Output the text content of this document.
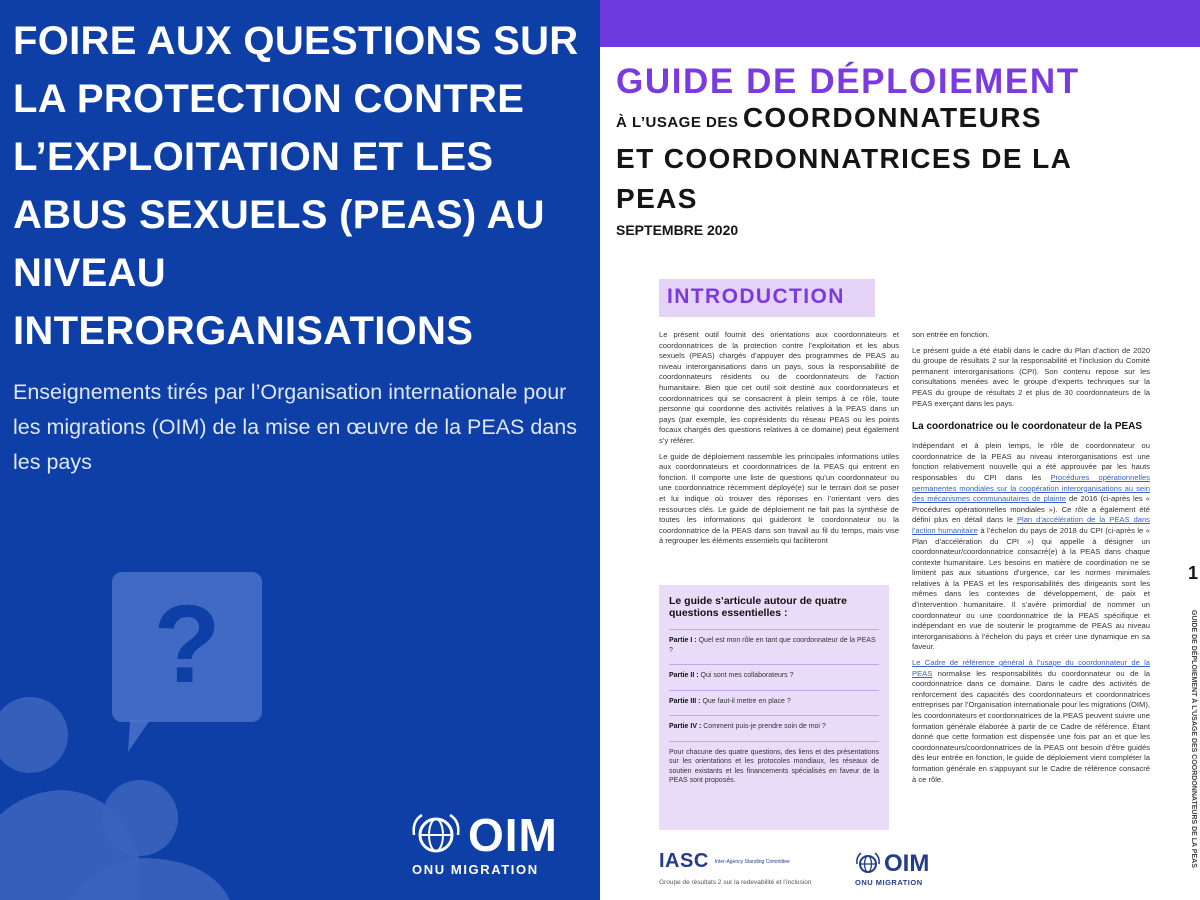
FOIRE AUX QUESTIONS SUR LA PROTECTION CONTRE L’EXPLOITATION ET LES ABUS SEXUELS (PEAS) AU NIVEAU INTERORGANISATIONS

Enseignements tirés par l’Organisation internationale pour les migrations (OIM) de la mise en œuvre de la PEAS dans les pays

?
OIM
ONU MIGRATION
GUIDE DE DÉPLOIEMENT
À L’USAGE DES COORDONNATEURS
ET COORDONNATRICES DE LA
PEAS
SEPTEMBRE 2020
INTRODUCTION

Le présent outil fournit des orientations aux coordonnateurs et coordonnatrices de la protection contre l’exploitation et les abus sexuels (PEAS) chargés d’appuyer des programmes de PEAS au niveau interorganisations dans un pays, sous la responsabilité de coordonnateurs résidents ou de coordonnateurs de l’action humanitaire. Bien que cet outil soit destiné aux coordonnateurs et coordonnatrices qui se consacrent à plein temps à ce rôle, toute personne qui coordonne des activités relatives à la PEAS dans un pays (par exemple, les coprésidents du réseau PEAS ou les points focaux chargés des questions relatives à ce domaine) peut également s’y référer.

Le guide de déploiement rassemble les principales informations utiles aux coordonnateurs et coordonnatrices de la PEAS qui entrent en fonction. Il comporte une liste de questions qu’un coordonnateur ou une coordonnatrice récemment déployé(e) sur le terrain doit se poser et lui indique où trouver des réponses en l’orientant vers des ressources clés. Le guide de déploiement ne fait pas la synthèse de toutes les informations qui guideront le coordonnateur ou la coordonnatrice de la PEAS dans son travail au fil du temps, mais vise à regrouper les éléments essentiels qui faciliteront

Le guide s’articule autour de quatre questions essentielles :
Partie I : Quel est mon rôle en tant que coordonnateur de la PEAS ?
Partie II : Qui sont mes collaborateurs ?
Partie III : Que faut-il mettre en place ?
Partie IV : Comment puis-je prendre soin de moi ?
Pour chacune des quatre questions, des liens et des présentations sur les orientations et les protocoles mondiaux, les réseaux de soutien existants et les financements spécialisés en faveur de la PEAS sont proposés.

son entrée en fonction.

Le présent guide a été établi dans le cadre du Plan d’action de 2020 du groupe de résultats 2 sur la responsabilité et l’inclusion du Comité permanent interorganisations (CPI). Son contenu repose sur les consultations menées avec le groupe d’experts techniques sur la PEAS du groupe de résultats 2 et plus de 30 coordonnateurs de la PEAS exerçant dans les pays.

La coordonatrice ou le coordonateur de la PEAS

Indépendant et à plein temps, le rôle de coordonnateur ou coordonnatrice de la PEAS au niveau interorganisations est une fonction relativement nouvelle qui a été approuvée par les hauts responsables du CPI dans les Procédures opérationnelles permanentes mondiales sur la coopération interorganisations au sein des mécanismes communautaires de plainte de 2016 (ci-après les « Procédures opérationnelles mondiales »). Ce rôle a également été défini plus en détail dans le Plan d’accélération de la PEAS dans l’action humanitaire à l’échelon du pays de 2018 du CPI (ci-après le « Plan d’accélération du CPI ») qui appelle à désigner un coordonnateur/coordonnatrice consacré(e) à la PEAS dans chaque contexte humanitaire. Les besoins en matière de coordination ne se limitent pas aux situations d’urgence, car les normes minimales relatives à la PEAS et les responsabilités des dirigeants sont les mêmes dans les contextes de développement, de paix et d’intervention humanitaire. Il s’avère primordial de nommer un coordonnateur ou une coordonnatrice de la PEAS spécifique et indépendant en vue de soutenir le programme de PEAS au niveau interorganisations à l’échelon du pays et créer une dynamique en sa faveur.

Le Cadre de référence général à l’usage du coordonnateur de la PEAS normalise les responsabilités du coordonnateur ou de la coordonnatrice dans ce domaine. Dans le cadre des activités de renforcement des capacités des coordonnateurs et coordonnatrices entreprises par l’Organisation internationale pour les migrations (OIM), les coordonnateurs et coordonnatrices de la PEAS peuvent suivre une formation générale élaborée à partir de ce Cadre de référence. Étant donné que cette formation est dispensée une fois par an et que les coordonnateurs/coordonnatrices de la PEAS ont besoin d’être guidés dès leur entrée en fonction, le guide de déploiement vient compléter la formation générale en s’appuyant sur le Cadre de référence consacré à ce rôle.

IASC Inter-Agency Standing Committee
Groupe de résultats 2 sur la redevabilité et l’inclusion
OIM
ONU MIGRATION
1
GUIDE DE DÉPLOIEMENT À L’USAGE DES COORDONNATEURS DE LA PEAS
